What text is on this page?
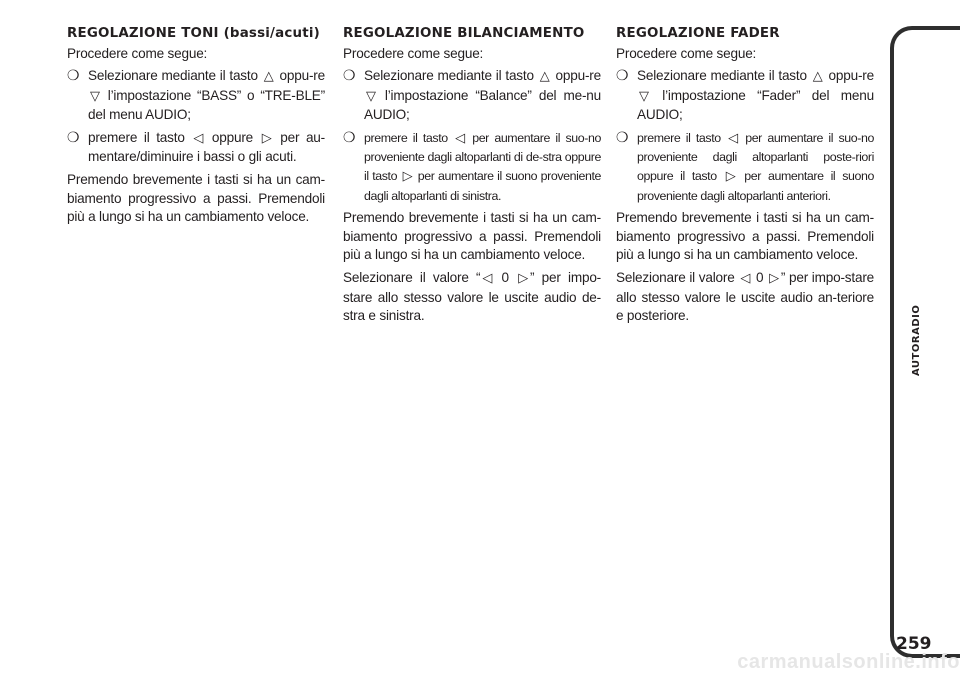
REGOLAZIONE TONI (bassi/acuti)
Procedere come segue:
❍ Selezionare mediante il tasto △ oppu-re ▽ l’impostazione “BASS” o “TRE-BLE” del menu AUDIO;
❍ premere il tasto ◁ oppure ▷ per au-mentare/diminuire i bassi o gli acuti.
Premendo brevemente i tasti si ha un cam-biamento progressivo a passi. Premendoli più a lungo si ha un cambiamento veloce.
REGOLAZIONE BILANCIAMENTO
Procedere come segue:
❍ Selezionare mediante il tasto △ oppu-re ▽ l’impostazione “Balance” del me-nu AUDIO;
❍ premere il tasto ◁ per aumentare il suo-no proveniente dagli altoparlanti di de-stra oppure il tasto ▷ per aumentare il suono proveniente dagli altoparlanti di sinistra.
Premendo brevemente i tasti si ha un cam-biamento progressivo a passi. Premendoli più a lungo si ha un cambiamento veloce.
Selezionare il valore “ ◁ 0 ▷ ” per impo-stare allo stesso valore le uscite audio de-stra e sinistra.
REGOLAZIONE FADER
Procedere come segue:
❍ Selezionare mediante il tasto △ oppu-re ▽ l’impostazione “Fader” del menu AUDIO;
❍ premere il tasto ◁ per aumentare il suo-no proveniente dagli altoparlanti poste-riori oppure il tasto ▷ per aumentare il suono proveniente dagli altoparlanti anteriori.
Premendo brevemente i tasti si ha un cam-biamento progressivo a passi. Premendoli più a lungo si ha un cambiamento veloce.
Selezionare il valore ◁ 0 ▷ ” per impo-stare allo stesso valore le uscite audio an-teriore e posteriore.	AUTORADIO
259
carmanualsonline.info
